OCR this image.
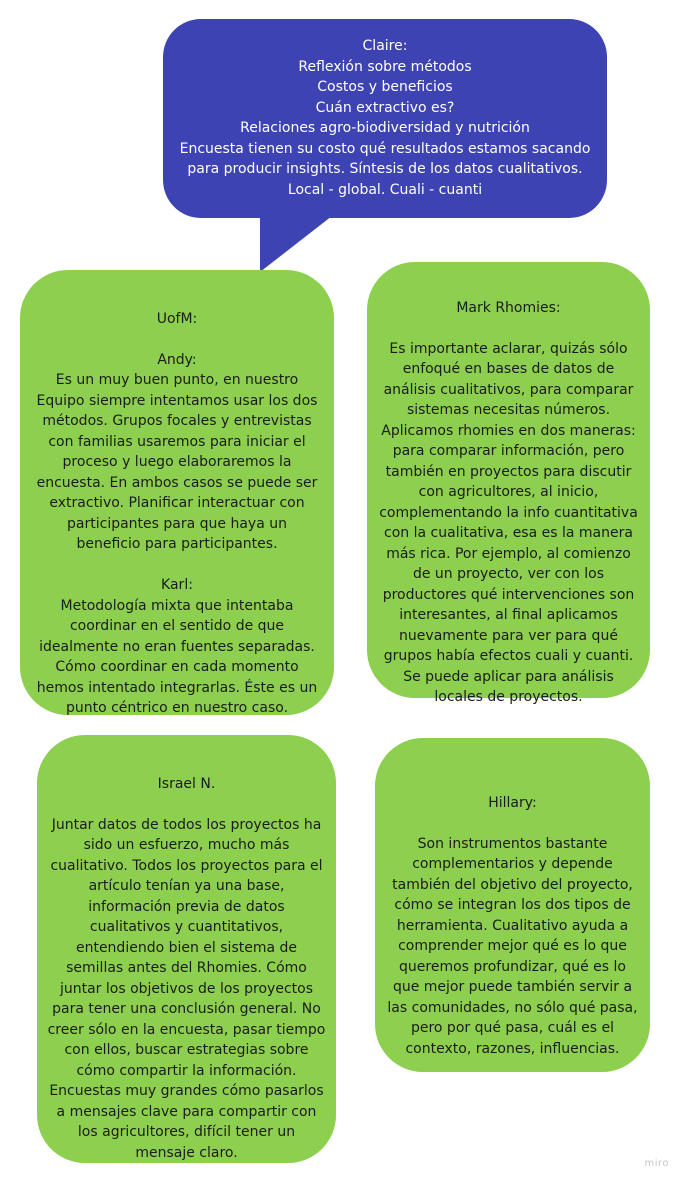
Claire:
Reflexión sobre métodos
Costos y beneficios
Cuán extractivo es?
Relaciones agro-biodiversidad y nutrición
Encuesta tienen su costo qué resultados estamos sacando para producir insights. Síntesis de los datos cualitativos.
Local - global. Cuali - cuanti

UofM:

Andy:
Es un muy buen punto, en nuestro Equipo siempre intentamos usar los dos métodos. Grupos focales y entrevistas con familias usaremos para iniciar el proceso y luego elaboraremos la encuesta. En ambos casos se puede ser extractivo. Planificar interactuar con participantes para que haya un beneficio para participantes.

Karl:
Metodología mixta que intentaba coordinar en el sentido de que idealmente no eran fuentes separadas. Cómo coordinar en cada momento hemos intentado integrarlas. Éste es un punto céntrico en nuestro caso.

Mark Rhomies:

Es importante aclarar, quizás sólo enfoqué en bases de datos de análisis cualitativos, para comparar sistemas necesitas números.
Aplicamos rhomies en dos maneras: para comparar información, pero también en proyectos para discutir con agricultores, al inicio, complementando la info cuantitativa con la cualitativa, esa es la manera más rica. Por ejemplo, al comienzo de un proyecto, ver con los productores qué intervenciones son interesantes, al final aplicamos nuevamente para ver para qué grupos había efectos cuali y cuanti. Se puede aplicar para análisis locales de proyectos.

Israel N.

Juntar datos de todos los proyectos ha sido un esfuerzo, mucho más cualitativo. Todos los proyectos para el artículo tenían ya una base, información previa de datos cualitativos y cuantitativos, entendiendo bien el sistema de semillas antes del Rhomies. Cómo juntar los objetivos de los proyectos para tener una conclusión general. No creer sólo en la encuesta, pasar tiempo con ellos, buscar estrategias sobre cómo compartir la información. Encuestas muy grandes cómo pasarlos a mensajes clave para compartir con los agricultores, difícil tener un mensaje claro.

Hillary:

Son instrumentos bastante complementarios y depende también del objetivo del proyecto, cómo se integran los dos tipos de herramienta. Cualitativo ayuda a comprender mejor qué es lo que queremos profundizar, qué es lo que mejor puede también servir a las comunidades, no sólo qué pasa, pero por qué pasa, cuál es el contexto, razones, influencias.

miro
